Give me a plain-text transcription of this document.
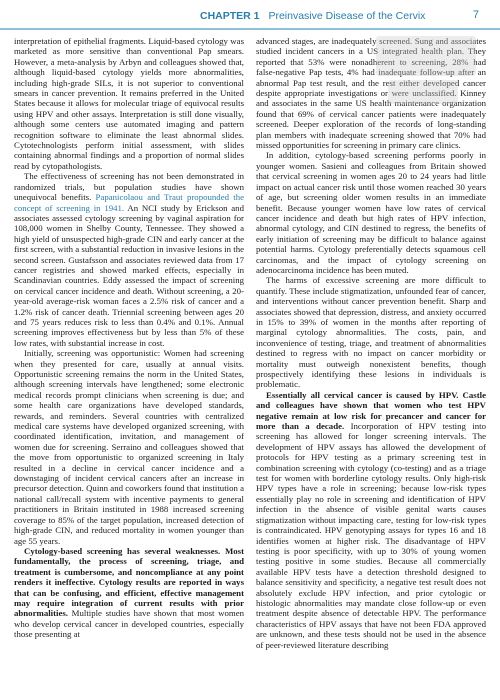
CHAPTER 1 Preinvasive Disease of the Cervix	7

interpretation of epithelial fragments. Liquid-based cytology was marketed as more sensitive than conventional Pap smears. However, a meta-analysis by Arbyn and colleagues showed that, although liquid-based cytology yields more abnormalities, including high-grade SILs, it is not superior to conventional smears in cancer prevention. It remains preferred in the United States because it allows for molecular triage of equivocal results using HPV and other assays. Interpretation is still done visually, although some centers use automated imaging and pattern recognition software to eliminate the least abnormal slides. Cytotechnologists perform initial assessment, with slides containing abnormal findings and a proportion of normal slides read by cytopathologists.

The effectiveness of screening has not been demonstrated in randomized trials, but population studies have shown unequivocal benefits. Papanicolaou and Traut propounded the concept of screening in 1941. An NCI study by Erickson and associates assessed cytology screening by vaginal aspiration for 108,000 women in Shelby County, Tennessee. They showed a high yield of unsuspected high-grade CIN and early cancer at the first screen, with a substantial reduction in invasive lesions in the second screen. Gustafsson and associates reviewed data from 17 cancer registries and showed marked effects, especially in Scandinavian countries. Eddy assessed the impact of screening on cervical cancer incidence and death. Without screening, a 20-year-old average-risk woman faces a 2.5% risk of cancer and a 1.2% risk of cancer death. Triennial screening between ages 20 and 75 years reduces risk to less than 0.4% and 0.1%. Annual screening improves effectiveness but by less than 5% of these low rates, with substantial increase in cost.

Initially, screening was opportunistic: Women had screening when they presented for care, usually at annual visits. Opportunistic screening remains the norm in the United States, although screening intervals have lengthened; some electronic medical records prompt clinicians when screening is due; and some health care organizations have developed standards, rewards, and reminders. Several countries with centralized medical care systems have developed organized screening, with coordinated identification, invitation, and management of women due for screening. Serraino and colleagues showed that the move from opportunistic to organized screening in Italy resulted in a decline in cervical cancer incidence and a downstaging of incident cervical cancers after an increase in precursor detection. Quinn and coworkers found that institution a national call/recall system with incentive payments to general practitioners in Britain instituted in 1988 increased screening coverage to 85% of the target population, increased detection of high-grade CIN, and reduced mortality in women younger than age 55 years.

Cytology-based screening has several weaknesses. Most fundamentally, the process of screening, triage, and treatment is cumbersome, and noncompliance at any point renders it ineffective. Cytology results are reported in ways that can be confusing, and efficient, effective management may require integration of current results with prior abnormalities. Multiple studies have shown that most women who develop cervical cancer in developed countries, especially those presenting at

advanced stages, are inadequately screened. Sung and associates studied incident cancers in a US integrated health plan. They reported that 53% were nonadherent to screening, 28% had false-negative Pap tests, 4% had inadequate follow-up after an abnormal Pap test result, and the rest either developed cancer despite appropriate investigations or were unclassified. Kinney and associates in the same US health maintenance organization found that 69% of cervical cancer patients were inadequately screened. Deeper exploration of the records of long-standing plan members with inadequate screening showed that 70% had missed opportunities for screening in primary care clinics.

In addition, cytology-based screening performs poorly in younger women. Sasieni and colleagues from Britain showed that cervical screening in women ages 20 to 24 years had little impact on actual cancer risk until those women reached 30 years of age, but screening older women results in an immediate benefit. Because younger women have low rates of cervical cancer incidence and death but high rates of HPV infection, abnormal cytology, and CIN destined to regress, the benefits of early initiation of screening may be difficult to balance against potential harms. Cytology preferentially detects squamous cell carcinomas, and the impact of cytology screening on adenocarcinoma incidence has been muted.

The harms of excessive screening are more difficult to quantify. These include stigmatization, unfounded fear of cancer, and interventions without cancer prevention benefit. Sharp and associates showed that depression, distress, and anxiety occurred in 15% to 39% of women in the months after reporting of marginal cytology abnormalities. The costs, pain, and inconvenience of testing, triage, and treatment of abnormalities destined to regress with no impact on cancer morbidity or mortality must outweigh nonexistent benefits, though prospectively identifying these lesions in individuals is problematic.

Essentially all cervical cancer is caused by HPV. Castle and colleagues have shown that women who test HPV negative remain at low risk for precancer and cancer for more than a decade. Incorporation of HPV testing into screening has allowed for longer screening intervals. The development of HPV assays has allowed the development of protocols for HPV testing as a primary screening test in combination screening with cytology (co-testing) and as a triage test for women with borderline cytology results. Only high-risk HPV types have a role in screening; because low-risk types essentially play no role in screening and identification of HPV infection in the absence of visible genital warts causes stigmatization without impacting care, testing for low-risk types is contraindicated. HPV genotyping assays for types 16 and 18 identifies women at higher risk. The disadvantage of HPV testing is poor specificity, with up to 30% of young women testing positive in some studies. Because all commercially available HPV tests have a detection threshold designed to balance sensitivity and specificity, a negative test result does not absolutely exclude HPV infection, and prior cytologic or histologic abnormalities may mandate close follow-up or even treatment despite absence of detectable HPV. The performance characteristics of HPV assays that have not been FDA approved are unknown, and these tests should not be used in the absence of peer-reviewed literature describing
